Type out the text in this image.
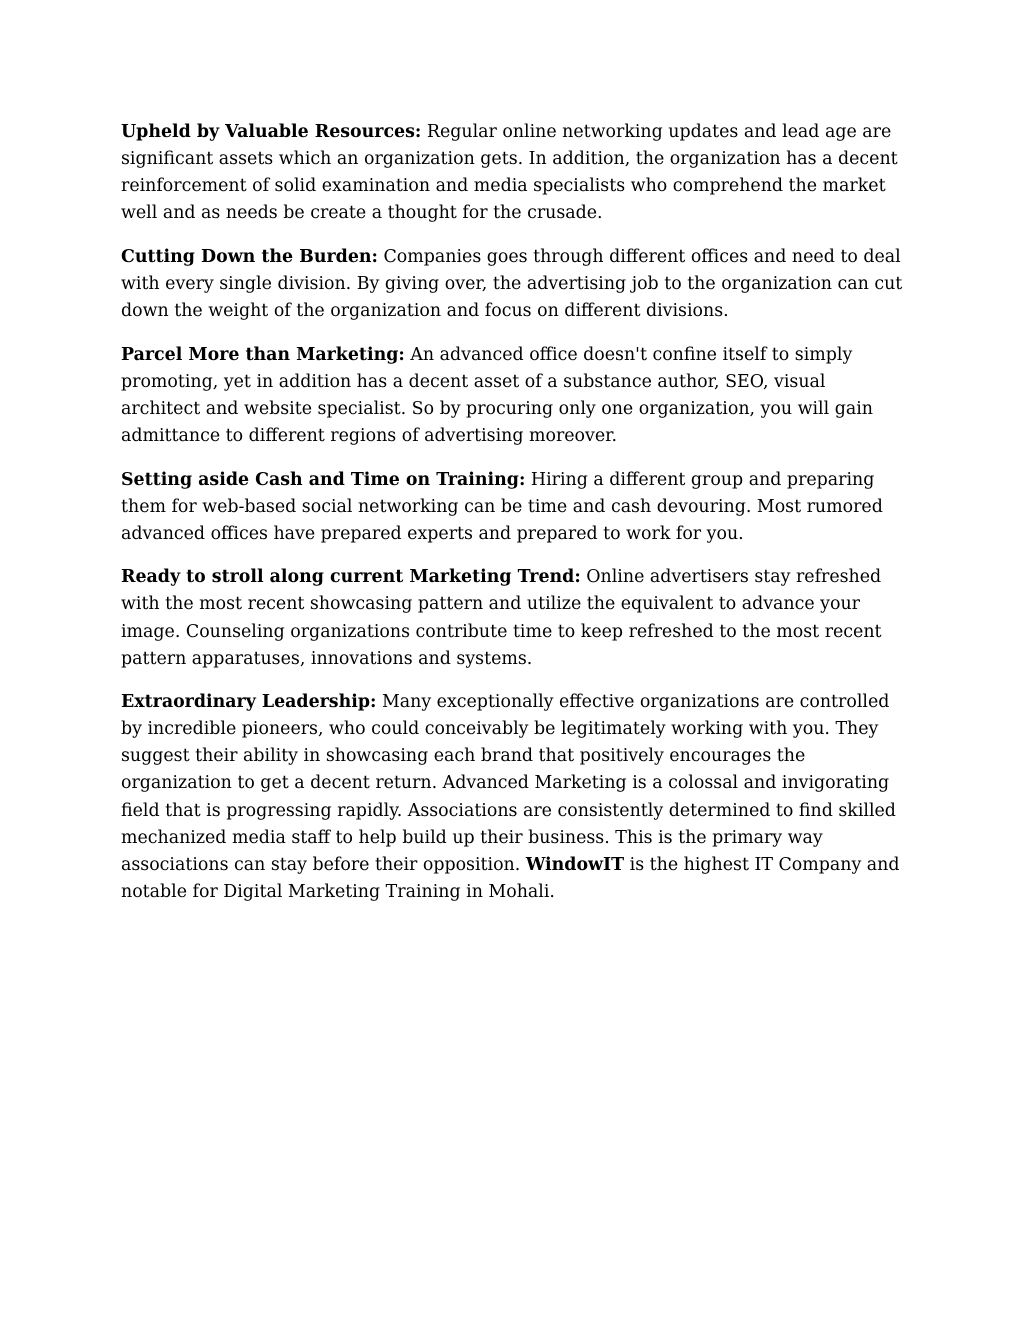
Upheld by Valuable Resources: Regular online networking updates and lead age are significant assets which an organization gets. In addition, the organization has a decent reinforcement of solid examination and media specialists who comprehend the market well and as needs be create a thought for the crusade.

Cutting Down the Burden: Companies goes through different offices and need to deal with every single division. By giving over, the advertising job to the organization can cut down the weight of the organization and focus on different divisions.

Parcel More than Marketing: An advanced office doesn't confine itself to simply promoting, yet in addition has a decent asset of a substance author, SEO, visual architect and website specialist. So by procuring only one organization, you will gain admittance to different regions of advertising moreover.

Setting aside Cash and Time on Training: Hiring a different group and preparing them for web-based social networking can be time and cash devouring. Most rumored advanced offices have prepared experts and prepared to work for you.

Ready to stroll along current Marketing Trend: Online advertisers stay refreshed with the most recent showcasing pattern and utilize the equivalent to advance your image. Counseling organizations contribute time to keep refreshed to the most recent pattern apparatuses, innovations and systems.

Extraordinary Leadership: Many exceptionally effective organizations are controlled by incredible pioneers, who could conceivably be legitimately working with you. They suggest their ability in showcasing each brand that positively encourages the organization to get a decent return. Advanced Marketing is a colossal and invigorating field that is progressing rapidly. Associations are consistently determined to find skilled mechanized media staff to help build up their business. This is the primary way associations can stay before their opposition. WindowIT is the highest IT Company and notable for Digital Marketing Training in Mohali.
